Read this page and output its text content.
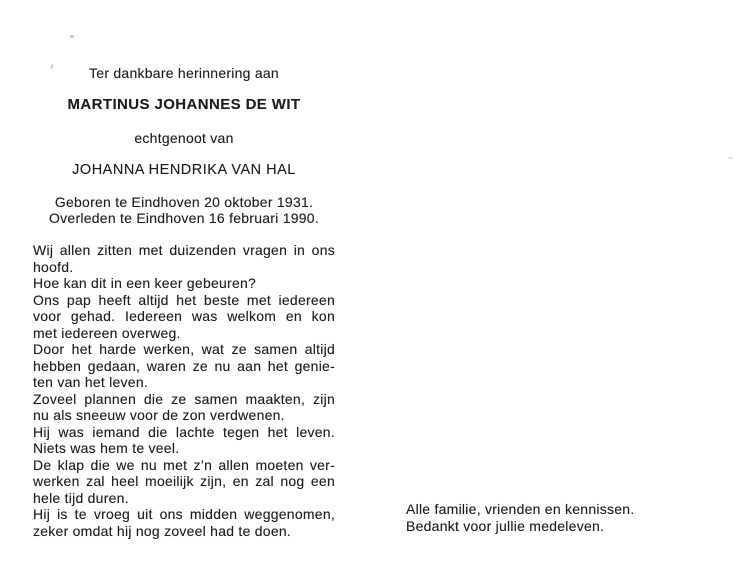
Ter dankbare herinnering aan
MARTINUS JOHANNES DE WIT
echtgenoot van
JOHANNA HENDRIKA VAN HAL
Geboren te Eindhoven 20 oktober 1931.
Overleden te Eindhoven 16 februari 1990.
Wij allen zitten met duizenden vragen in ons
hoofd.
Hoe kan dit in een keer gebeuren?
Ons pap heeft altijd het beste met iedereen
voor gehad. Iedereen was welkom en kon
met iedereen overweg.
Door het harde werken, wat ze samen altijd
hebben gedaan, waren ze nu aan het genie-
ten van het leven.
Zoveel plannen die ze samen maakten, zijn
nu als sneeuw voor de zon verdwenen.
Hij was iemand die lachte tegen het leven.
Niets was hem te veel.
De klap die we nu met z’n allen moeten ver-
werken zal heel moeilijk zijn, en zal nog een
hele tijd duren.
Hij is te vroeg uit ons midden weggenomen,
zeker omdat hij nog zoveel had te doen.
Alle familie, vrienden en kennissen.
Bedankt voor jullie medeleven.
